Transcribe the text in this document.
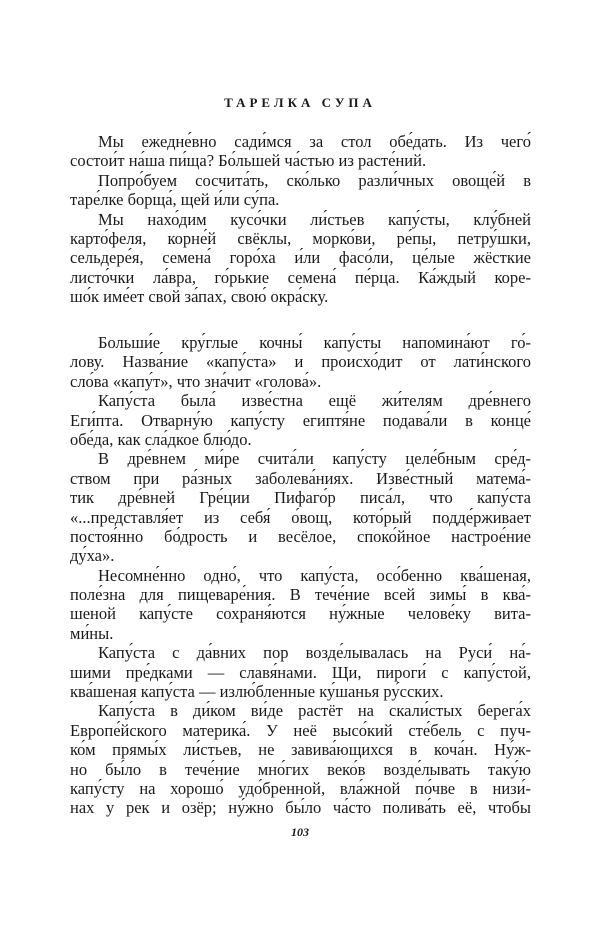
ТАРЕЛКА СУПА
Мы ежедне́вно сади́мся за стол обе́дать. Из чего́
состои́т на́ша пи́ща? Бо́льшей ча́стью из расте́ний.
Попро́буем сосчита́ть, ско́лько разли́чных овоще́й в
таре́лке борща́, щей и́ли су́па.
Мы нахо́дим кусо́чки ли́стьев капу́сты, клу́бней
карто́феля, корне́й свёклы, морко́ви, ре́пы, петру́шки,
сельдере́я, семена́ горо́ха и́ли фасо́ли, це́лые жёсткие
листо́чки ла́вра, го́рькие семена́ пе́рца. Ка́ждый коре-
шо́к име́ет свой за́пах, свою́ окра́ску.
Больши́е кру́глые кочны́ капу́сты напомина́ют го́-
лову. Назва́ние «капу́ста» и происхо́дит от лати́нского
сло́ва «капу́т», что зна́чит «голова́».
Капу́ста была́ изве́стна ещё жи́телям дре́внего
Еги́пта. Отварну́ю капу́сту египтя́не подава́ли в конце́
обе́да, как сла́дкое блю́до.
В дре́внем ми́ре счита́ли капу́сту целе́бным сре́д-
ством при ра́зных заболева́ниях. Изве́стный матема́-
тик дре́вней Гре́ции Пифаго́р писа́л, что капу́ста
«...представля́ет из себя́ о́вощ, кото́рый подде́рживает
постоя́нно бо́дрость и весёлое, споко́йное настрое́ние
ду́ха».
Несомне́нно одно́, что капу́ста, осо́бенно ква́шеная,
поле́зна для пищеваре́ния. В тече́ние всей зимы́ в ква́-
шеной капу́сте сохраня́ются ну́жные челове́ку вита-
ми́ны.
Капу́ста с да́вних пор возде́лывалась на Руси́ на́-
шими пре́дками — славя́нами. Щи, пироги́ с капу́стой,
ква́шеная капу́ста — излю́бленные ку́шанья ру́сских.
Капу́ста в ди́ком ви́де растёт на скали́стых берега́х
Европе́йского материка́. У неё высо́кий сте́бель с пуч-
ко́м прямы́х ли́стьев, не завива́ющихся в коча́н. Ну́ж-
но бы́ло в тече́ние мно́гих веко́в возде́лывать таку́ю
капу́сту на хорошо́ удо́бренной, вла́жной по́чве в низи́-
нах у рек и озёр; ну́жно бы́ло ча́сто полива́ть её, чтобы
103
